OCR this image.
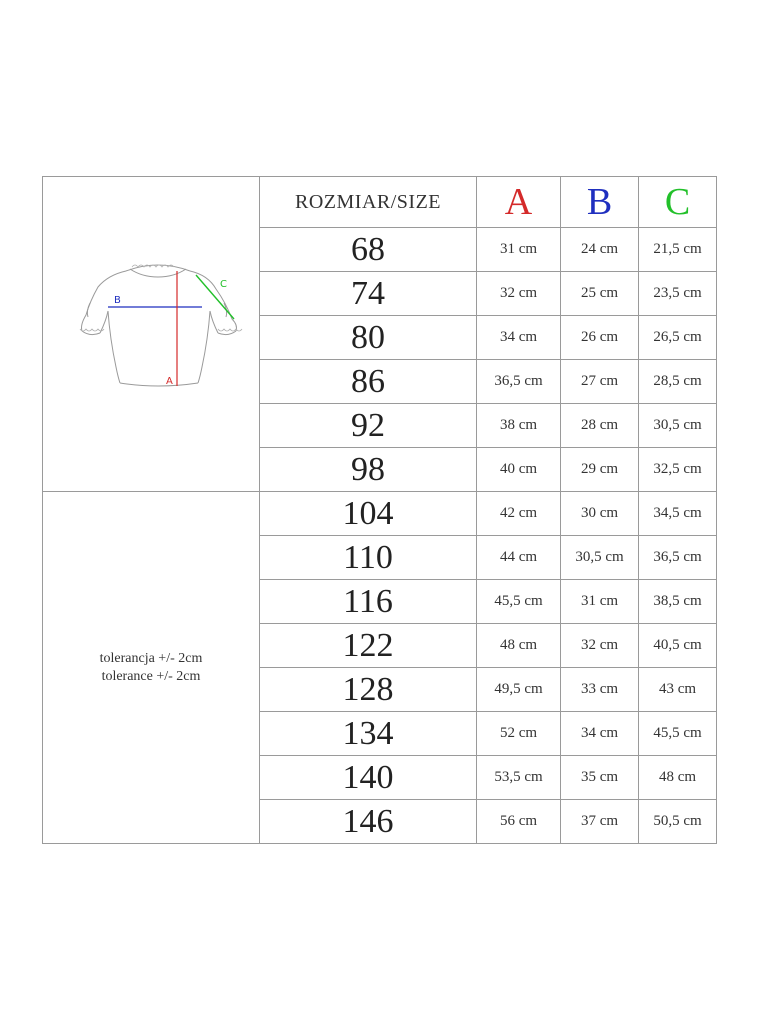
B
A
C	ROZMIAR/SIZE	A	B	C
	68	31 cm	24 cm	21,5 cm
	74	32 cm	25 cm	23,5 cm
	80	34 cm	26 cm	26,5 cm
	86	36,5 cm	27 cm	28,5 cm
	92	38 cm	28 cm	30,5 cm
	98	40 cm	29 cm	32,5 cm

tolerancja +/- 2cm
tolerance +/- 2cm	104	42 cm	30 cm	34,5 cm
	110	44 cm	30,5 cm	36,5 cm
	116	45,5 cm	31 cm	38,5 cm
	122	48 cm	32 cm	40,5 cm
	128	49,5 cm	33 cm	43 cm
	134	52 cm	34 cm	45,5 cm
	140	53,5 cm	35 cm	48 cm
	146	56 cm	37 cm	50,5 cm
